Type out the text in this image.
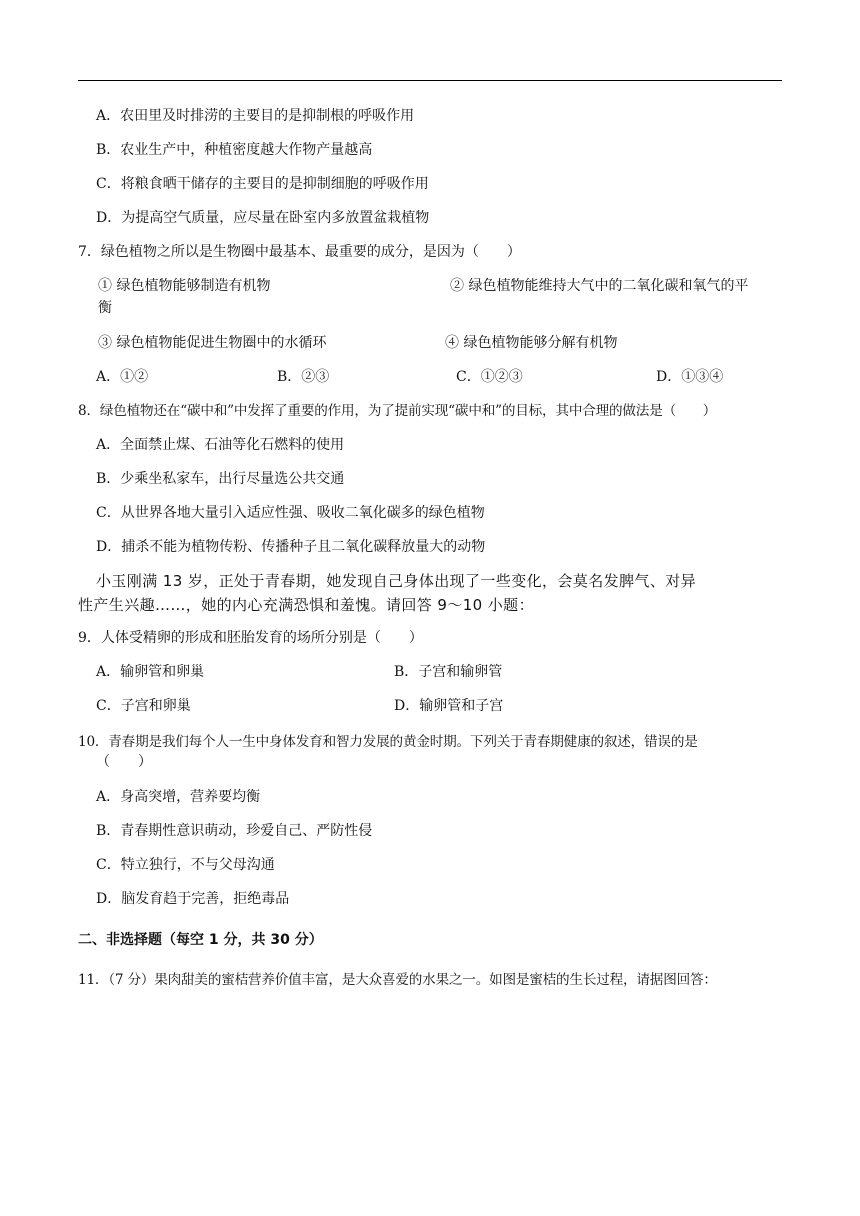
A．农田里及时排涝的主要目的是抑制根的呼吸作用
B．农业生产中，种植密度越大作物产量越高
C．将粮食晒干储存的主要目的是抑制细胞的呼吸作用
D．为提高空气质量，应尽量在卧室内多放置盆栽植物
7．绿色植物之所以是生物圈中最基本、最重要的成分，是因为（　　）
① 绿色植物能够制造有机物	② 绿色植物能维持大气中的二氧化碳和氧气的平
衡
③ 绿色植物能促进生物圈中的水循环	④ 绿色植物能够分解有机物
A．①②	B．②③	C．①②③	D．①③④
8．绿色植物还在“碳中和”中发挥了重要的作用，为了提前实现“碳中和”的目标，其中合理的做法是（　　）
A．全面禁止煤、石油等化石燃料的使用
B．少乘坐私家车，出行尽量选公共交通
C．从世界各地大量引入适应性强、吸收二氧化碳多的绿色植物
D．捕杀不能为植物传粉、传播种子且二氧化碳释放量大的动物
小玉刚满 13 岁，正处于青春期，她发现自己身体出现了一些变化，会莫名发脾气、对异
性产生兴趣……，她的内心充满恐惧和羞愧。请回答 9～10 小题：
9．人体受精卵的形成和胚胎发育的场所分别是（　　）
A．输卵管和卵巢	B．子宫和输卵管
C．子宫和卵巢	D．输卵管和子宫
10．青春期是我们每个人一生中身体发育和智力发展的黄金时期。下列关于青春期健康的叙述，错误的是
（　　）
A．身高突增，营养要均衡
B．青春期性意识萌动，珍爱自己、严防性侵
C．特立独行，不与父母沟通
D．脑发育趋于完善，拒绝毒品
二、非选择题（每空 1 分，共 30 分）
11．（7 分）果肉甜美的蜜桔营养价值丰富，是大众喜爱的水果之一。如图是蜜桔的生长过程，请据图回答：
